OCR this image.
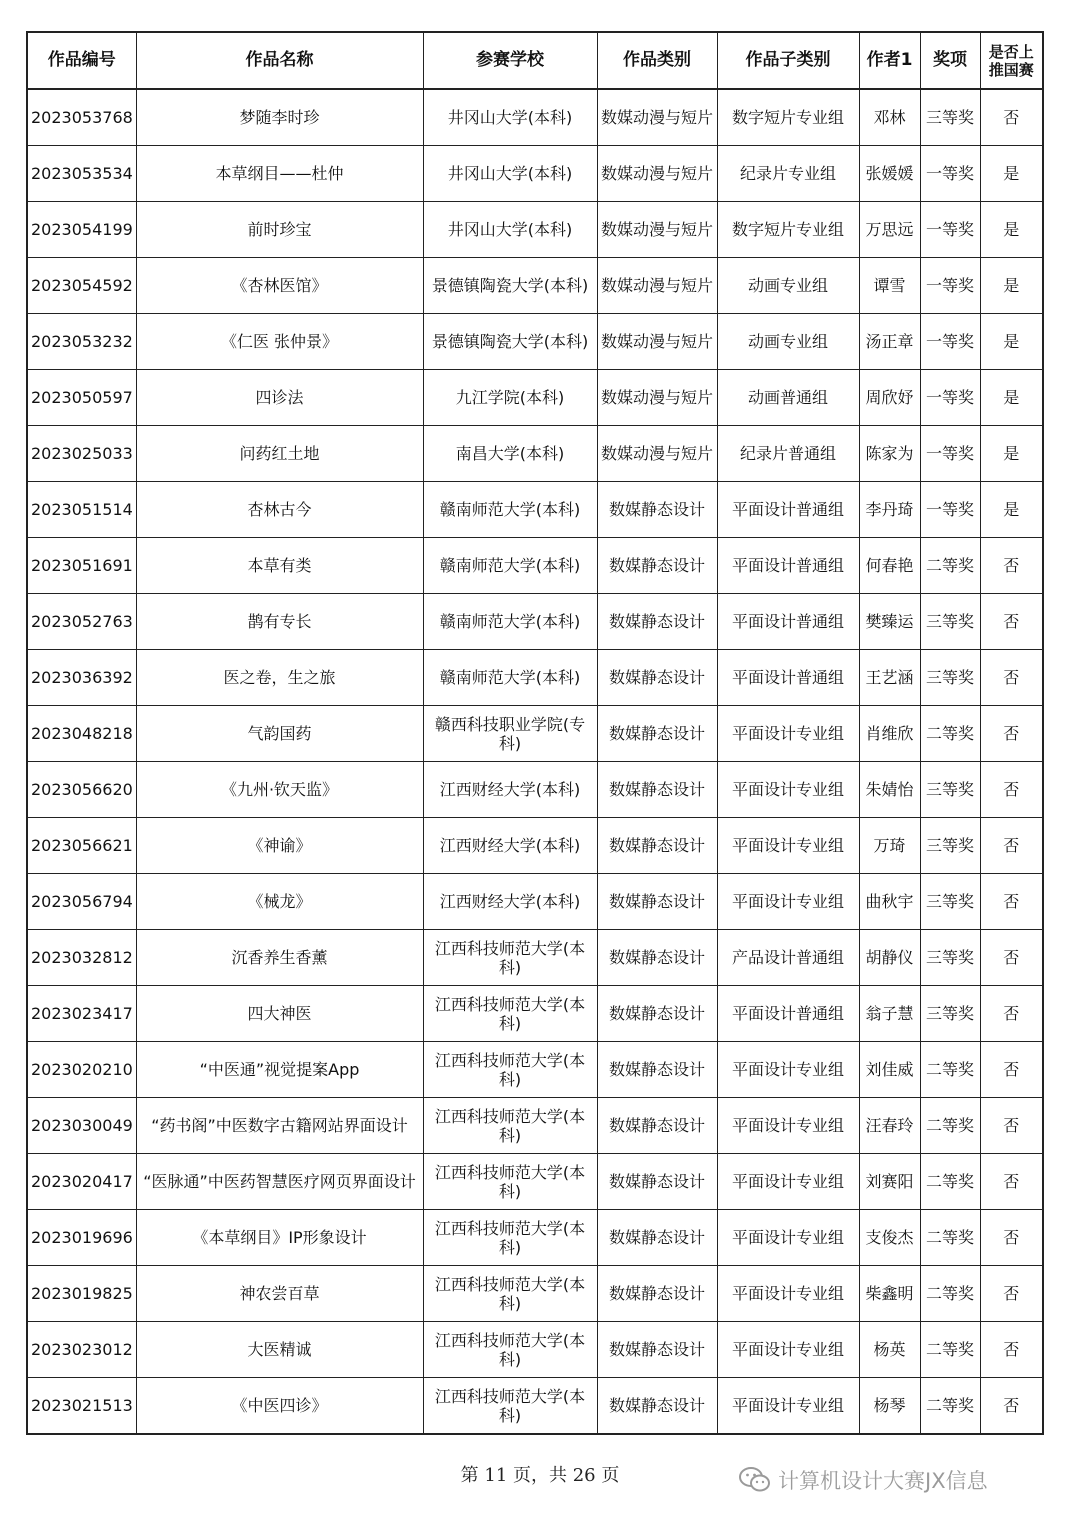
作品编号	作品名称	参赛学校	作品类别	作品子类别	作者1	奖项	是否上推国赛
2023053768	梦随李时珍	井冈山大学(本科)	数媒动漫与短片	数字短片专业组	邓林	三等奖	否
2023053534	本草纲目——杜仲	井冈山大学(本科)	数媒动漫与短片	纪录片专业组	张媛媛	一等奖	是
2023054199	前时珍宝	井冈山大学(本科)	数媒动漫与短片	数字短片专业组	万思远	一等奖	是
2023054592	《杏林医馆》	景德镇陶瓷大学(本科)	数媒动漫与短片	动画专业组	谭雪	一等奖	是
2023053232	《仁医 张仲景》	景德镇陶瓷大学(本科)	数媒动漫与短片	动画专业组	汤正章	一等奖	是
2023050597	四诊法	九江学院(本科)	数媒动漫与短片	动画普通组	周欣妤	一等奖	是
2023025033	问药红土地	南昌大学(本科)	数媒动漫与短片	纪录片普通组	陈家为	一等奖	是
2023051514	杏林古今	赣南师范大学(本科)	数媒静态设计	平面设计普通组	李丹琦	一等奖	是
2023051691	本草有类	赣南师范大学(本科)	数媒静态设计	平面设计普通组	何春艳	二等奖	否
2023052763	鹊有专长	赣南师范大学(本科)	数媒静态设计	平面设计普通组	樊臻运	三等奖	否
2023036392	医之卷，生之旅	赣南师范大学(本科)	数媒静态设计	平面设计普通组	王艺涵	三等奖	否
2023048218	气韵国药	赣西科技职业学院(专科)	数媒静态设计	平面设计专业组	肖维欣	二等奖	否
2023056620	《九州·钦天监》	江西财经大学(本科)	数媒静态设计	平面设计专业组	朱婧怡	三等奖	否
2023056621	《神谕》	江西财经大学(本科)	数媒静态设计	平面设计专业组	万琦	三等奖	否
2023056794	《械龙》	江西财经大学(本科)	数媒静态设计	平面设计专业组	曲秋宇	三等奖	否
2023032812	沉香养生香薰	江西科技师范大学(本科)	数媒静态设计	产品设计普通组	胡静仪	三等奖	否
2023023417	四大神医	江西科技师范大学(本科)	数媒静态设计	平面设计普通组	翁子慧	三等奖	否
2023020210	“中医通”视觉提案App	江西科技师范大学(本科)	数媒静态设计	平面设计专业组	刘佳威	二等奖	否
2023030049	“药书阁”中医数字古籍网站界面设计	江西科技师范大学(本科)	数媒静态设计	平面设计专业组	汪春玲	二等奖	否
2023020417	“医脉通”中医药智慧医疗网页界面设计	江西科技师范大学(本科)	数媒静态设计	平面设计专业组	刘赛阳	二等奖	否
2023019696	《本草纲目》IP形象设计	江西科技师范大学(本科)	数媒静态设计	平面设计专业组	支俊杰	二等奖	否
2023019825	神农尝百草	江西科技师范大学(本科)	数媒静态设计	平面设计专业组	柴鑫明	二等奖	否
2023023012	大医精诚	江西科技师范大学(本科)	数媒静态设计	平面设计专业组	杨英	二等奖	否
2023021513	《中医四诊》	江西科技师范大学(本科)	数媒静态设计	平面设计专业组	杨琴	二等奖	否
第 11 页，共 26 页	计算机设计大赛JX信息
